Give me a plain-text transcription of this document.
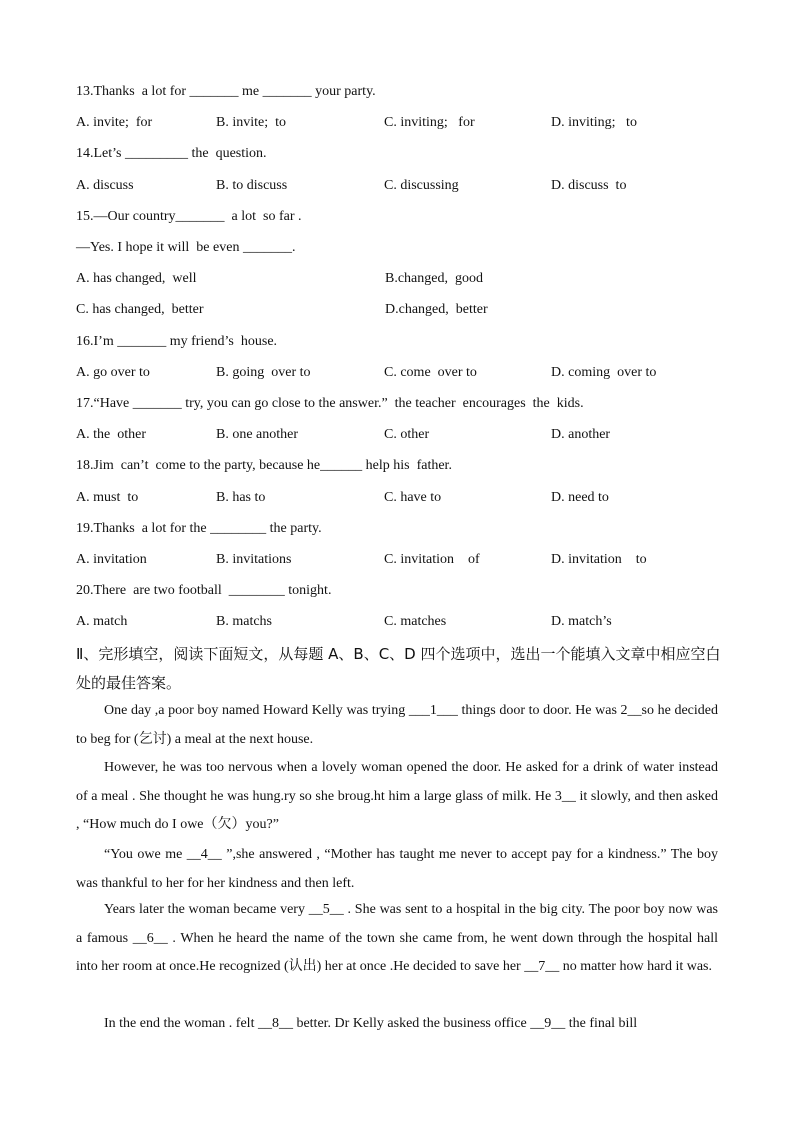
13.Thanks  a lot for _______ me _______ your party.
A. invite;  for	B. invite;  to	C. inviting;   for	D. inviting;   to
14.Let’s _________ the  question.
A. discuss	B. to discuss	C. discussing	D. discuss  to
15.—Our country_______  a lot  so far .
—Yes. I hope it will  be even _______.
A. has changed,  well	B.changed,  good
C. has changed,  better	D.changed,  better
16.I’m _______ my friend’s  house.
A. go over to	B. going  over to	C. come  over to	D. coming  over to
17.“Have _______ try, you can go close to the answer.”  the teacher  encourages  the  kids.
A. the  other	B. one another	C. other	D. another
18.Jim  can’t  come to the party, because he______ help his  father.
A. must  to	B. has to	C. have to	D. need to
19.Thanks  a lot for the ________ the party.
A. invitation	B. invitations	C. invitation    of	D. invitation    to
20.There  are two football  ________ tonight.
A. match	B. matchs	C. matches	D. match’s
Ⅱ、完形填空，阅读下面短文，从每题 A、B、C、D 四个选项中，选出一个能填入文章中相应空白处的最佳答案。
One day ,a poor boy named Howard Kelly was trying ___1___ things door to door. He was 2__so he decided to beg for (乞讨) a meal at the next house.
However, he was too nervous when a lovely woman opened the door. He asked for a drink of water instead of a meal . She thought he was hung.ry so she broug.ht him a large glass of milk. He 3__ it slowly, and then asked , “How much do I owe（欠）you?”
“You owe me __4__ ”,she answered , “Mother has taught me never to accept pay for a kindness.” The boy was thankful to her for her kindness and then left.
Years later the woman became very __5__ . She was sent to a hospital in the big city. The poor boy now was a famous __6__ . When he heard the name of the town she came from, he went down through the hospital hall into her room at once.He recognized (认出) her at once .He decided to save her __7__ no matter how hard it was.
In the end the woman . felt __8__ better. Dr Kelly asked the business office __9__ the final bill
